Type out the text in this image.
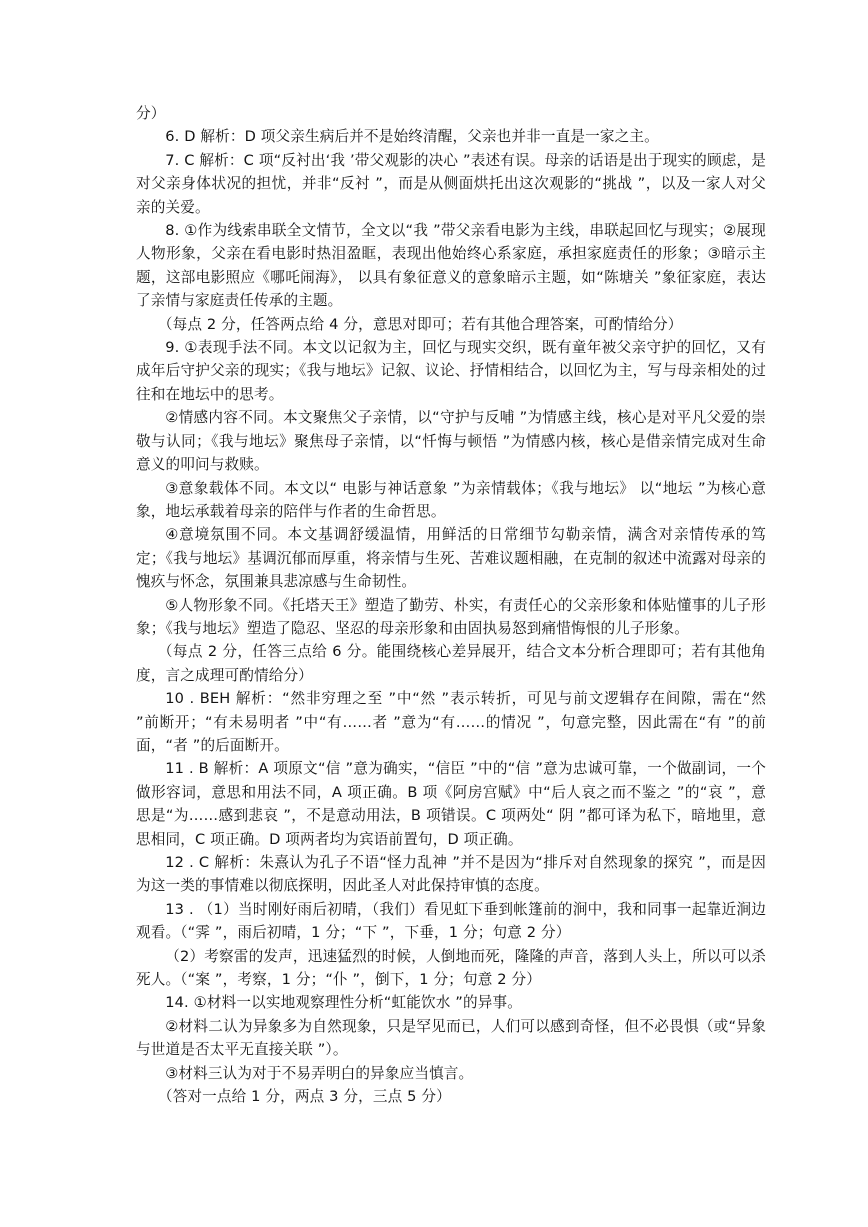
分）

6. D 解析：D 项父亲生病后并不是始终清醒，父亲也并非一直是一家之主。

7. C 解析：C 项“反衬出‘我 ’带父观影的决心 ”表述有误。母亲的话语是出于现实的顾虑，是对父亲身体状况的担忧，并非“反衬 ”，而是从侧面烘托出这次观影的“挑战 ”，以及一家人对父亲的关爱。

8. ①作为线索串联全文情节，全文以“我 ”带父亲看电影为主线，串联起回忆与现实；②展现人物形象，父亲在看电影时热泪盈眶，表现出他始终心系家庭，承担家庭责任的形象；③暗示主题，这部电影照应《哪吒闹海》， 以具有象征意义的意象暗示主题，如“陈塘关 ”象征家庭，表达了亲情与家庭责任传承的主题。

（每点 2 分，任答两点给 4 分，意思对即可；若有其他合理答案，可酌情给分）

9. ①表现手法不同。本文以记叙为主，回忆与现实交织，既有童年被父亲守护的回忆，又有成年后守护父亲的现实；《我与地坛》记叙、议论、抒情相结合，以回忆为主，写与母亲相处的过往和在地坛中的思考。

②情感内容不同。本文聚焦父子亲情，以“守护与反哺 ”为情感主线，核心是对平凡父爱的崇敬与认同；《我与地坛》聚焦母子亲情，以“忏悔与顿悟 ”为情感内核，核心是借亲情完成对生命意义的叩问与救赎。

③意象载体不同。本文以“ 电影与神话意象 ”为亲情载体；《我与地坛》 以“地坛 ”为核心意象，地坛承载着母亲的陪伴与作者的生命哲思。

④意境氛围不同。本文基调舒缓温情，用鲜活的日常细节勾勒亲情，满含对亲情传承的笃定；《我与地坛》基调沉郁而厚重，将亲情与生死、苦难议题相融，在克制的叙述中流露对母亲的愧疚与怀念，氛围兼具悲凉感与生命韧性。

⑤人物形象不同。《托塔天王》塑造了勤劳、朴实，有责任心的父亲形象和体贴懂事的儿子形象；《我与地坛》塑造了隐忍、坚忍的母亲形象和由固执易怒到痛惜悔恨的儿子形象。

（每点 2 分，任答三点给 6 分。能围绕核心差异展开，结合文本分析合理即可；若有其他角度，言之成理可酌情给分）

10 . BEH 解析：“然非穷理之至 ”中“然 ”表示转折，可见与前文逻辑存在间隙，需在“然 ”前断开；“有未易明者 ”中“有……者 ”意为“有……的情况 ”，句意完整，因此需在“有 ”的前面，“者 ”的后面断开。

11 . B 解析：A 项原文“信 ”意为确实，“信臣 ”中的“信 ”意为忠诚可靠，一个做副词，一个做形容词，意思和用法不同，A 项正确。B 项《阿房宫赋》中“后人哀之而不鉴之 ”的“哀 ”，意思是“为……感到悲哀 ”，不是意动用法，B 项错误。C 项两处“ 阴 ”都可译为私下，暗地里，意思相同，C 项正确。D 项两者均为宾语前置句，D 项正确。

12 . C 解析：朱熹认为孔子不语“怪力乱神 ”并不是因为“排斥对自然现象的探究 ”，而是因为这一类的事情难以彻底探明，因此圣人对此保持审慎的态度。

13 . （1）当时刚好雨后初晴，（我们）看见虹下垂到帐篷前的涧中，我和同事一起靠近涧边观看。（“霁 ”，雨后初晴，1 分；“下 ”，下垂，1 分；句意 2 分）

（2）考察雷的发声，迅速猛烈的时候，人倒地而死，隆隆的声音，落到人头上，所以可以杀死人。（“案 ”，考察，1 分；“仆 ”，倒下，1 分；句意 2 分）

14. ①材料一以实地观察理性分析“虹能饮水 ”的异事。

②材料二认为异象多为自然现象，只是罕见而已，人们可以感到奇怪，但不必畏惧（或“异象与世道是否太平无直接关联 ”）。

③材料三认为对于不易弄明白的异象应当慎言。

（答对一点给 1 分，两点 3 分，三点 5 分）
